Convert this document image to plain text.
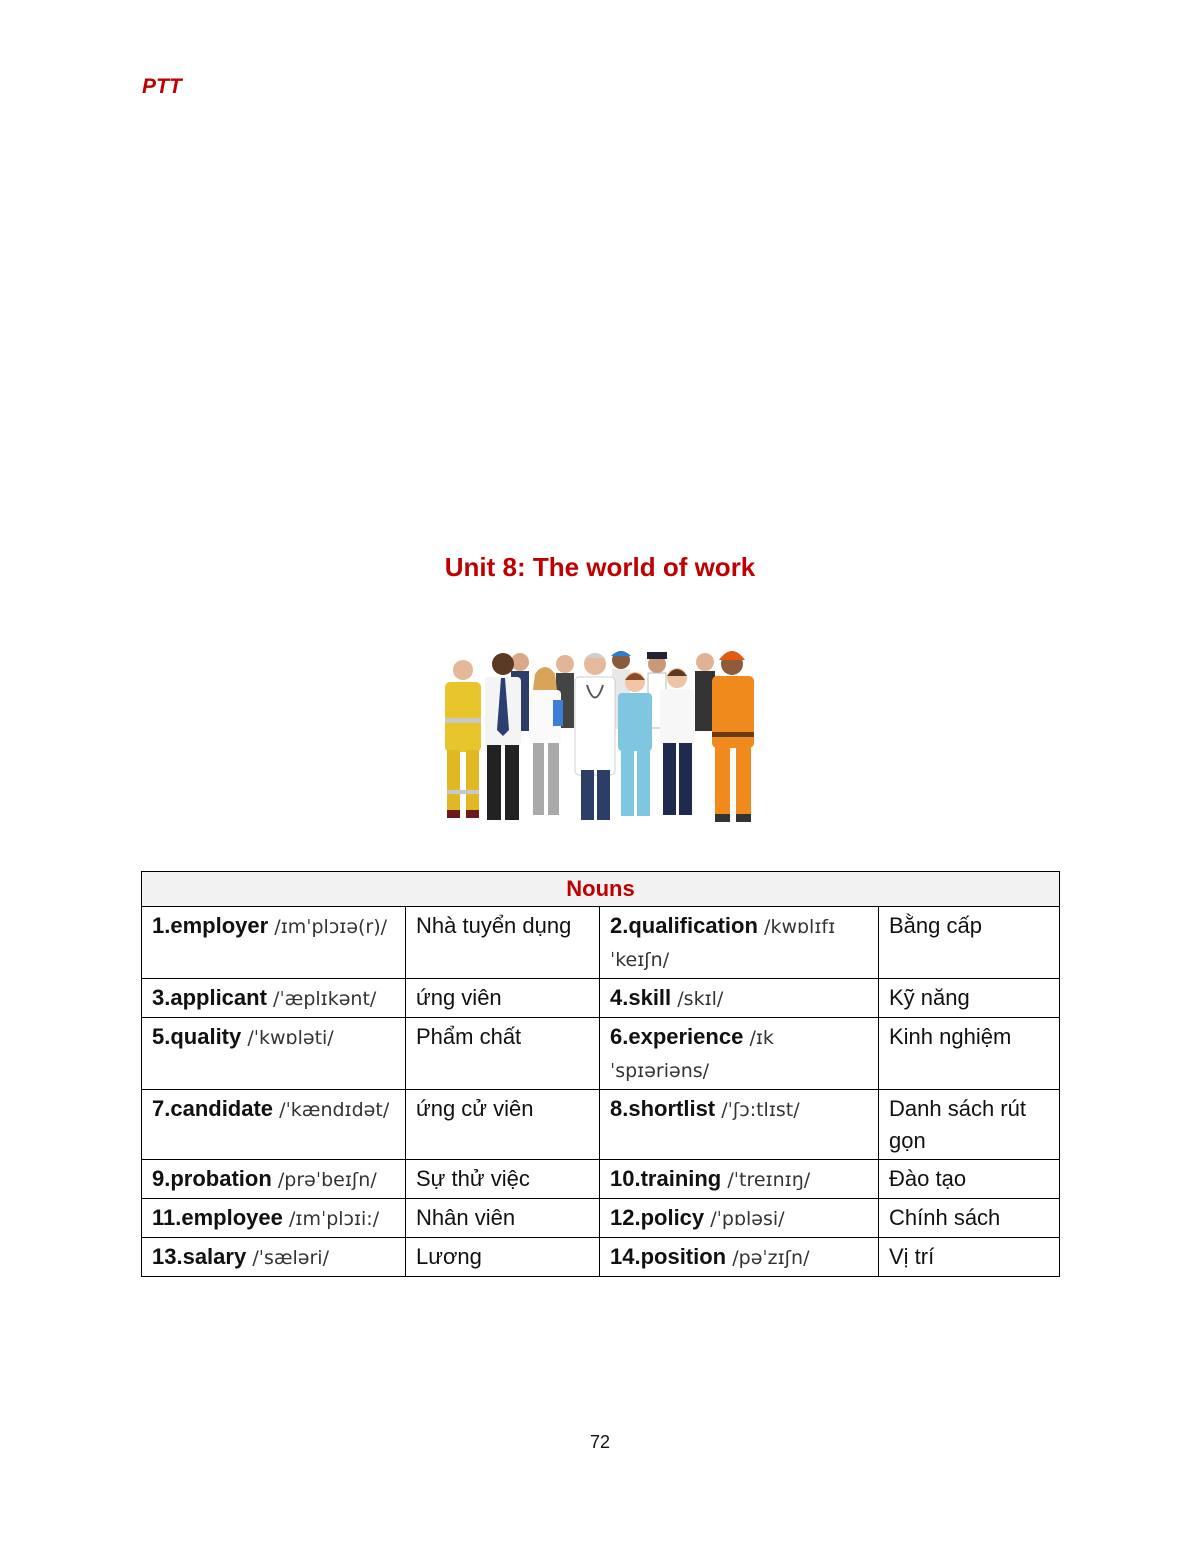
PTT
Unit 8: The world of work
Nouns			
1.employer /ɪmˈplɔɪə(r)/	Nhà tuyển dụng	2.qualification /kwɒlɪfɪˈkeɪʃn/	Bằng cấp
3.applicant /ˈæplɪkənt/	ứng viên	4.skill /skɪl/	Kỹ năng
5.quality /ˈkwɒləti/	Phẩm chất	6.experience /ɪkˈspɪəriəns/	Kinh nghiệm
7.candidate /ˈkændɪdət/	ứng cử viên	8.shortlist /ˈʃɔ:tlɪst/	Danh sách rút gọn
9.probation /prəˈbeɪʃn/	Sự thử việc	10.training /ˈtreɪnɪŋ/	Đào tạo
11.employee /ɪmˈplɔɪi:/	Nhân viên	12.policy /ˈpɒləsi/	Chính sách
13.salary /ˈsæləri/	Lương	14.position /pəˈzɪʃn/	Vị trí
72
